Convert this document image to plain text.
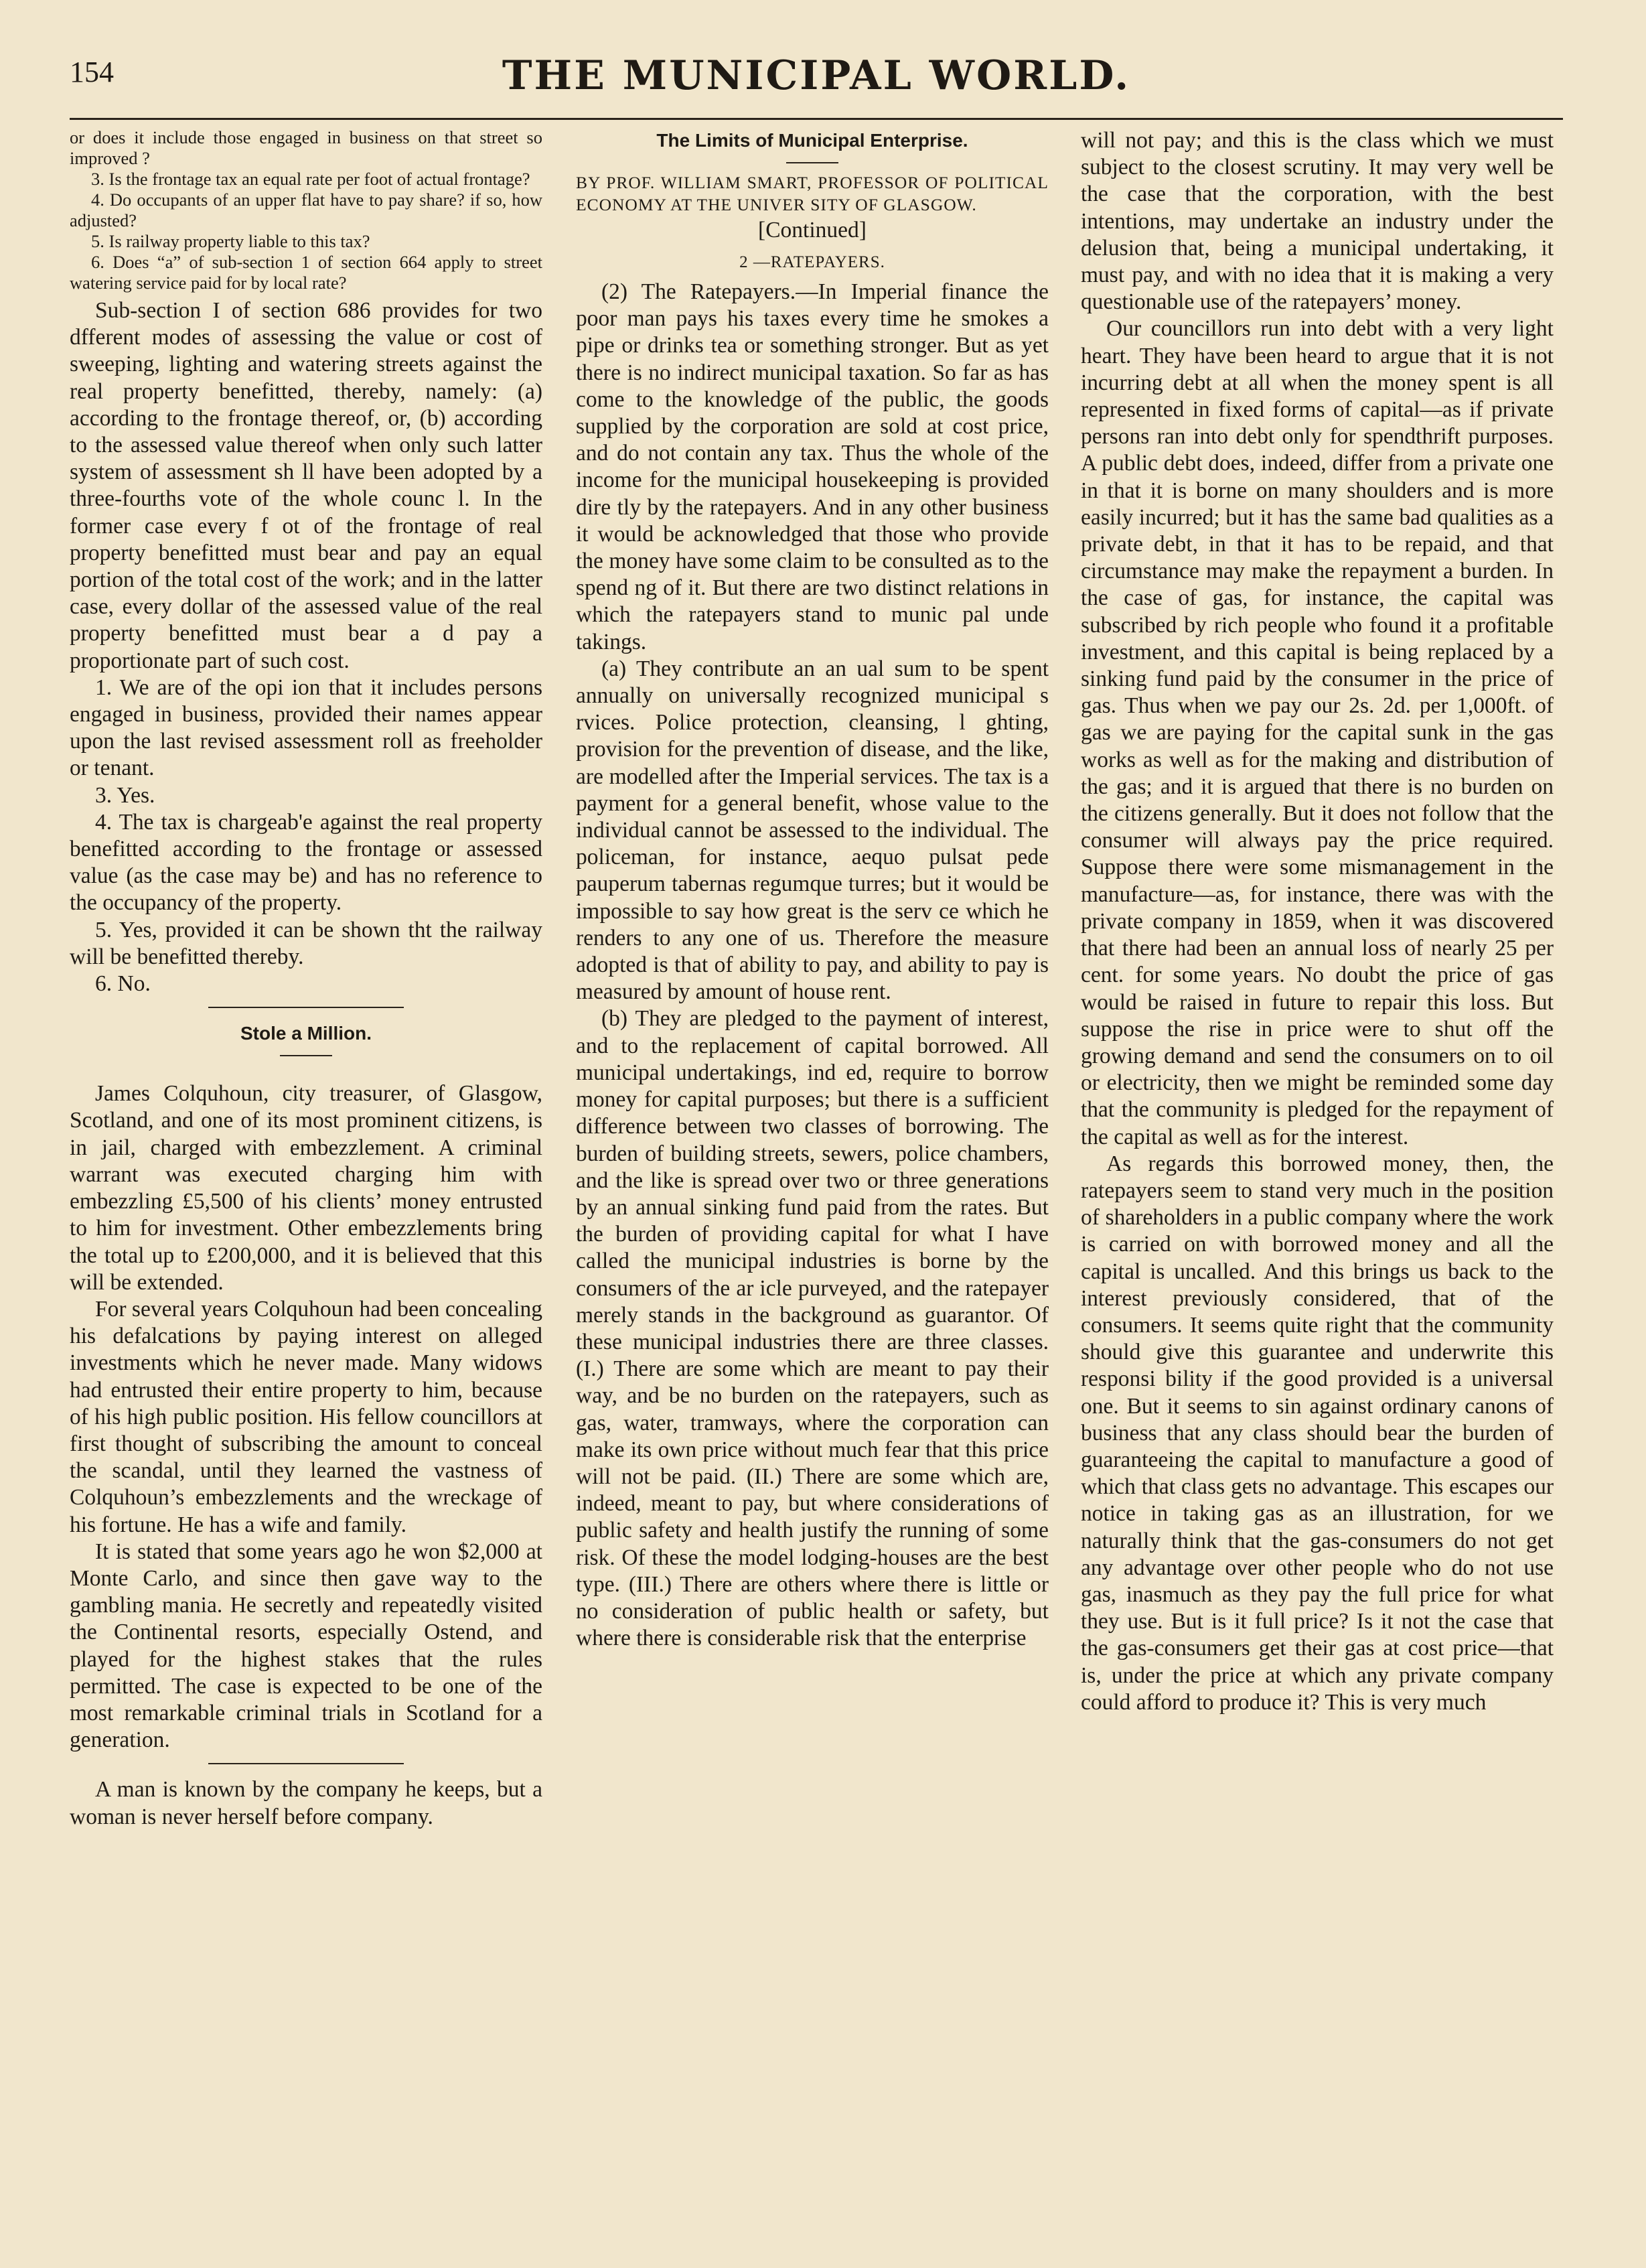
154	THE MUNICIPAL WORLD.

or does it include those engaged in business on that street so improved ?

3. Is the frontage tax an equal rate per foot of actual frontage?

4. Do occupants of an upper flat have to pay share? if so, how adjusted?

5. Is railway property liable to this tax?

6. Does “a” of sub-section 1 of section 664 apply to street watering service paid for by local rate?

Sub-section I of section 686 provides for two dfferent modes of assessing the value or cost of sweeping, lighting and watering streets against the real property benefitted, thereby, namely: (a) according to the frontage thereof, or, (b) according to the assessed value thereof when only such latter system of assessment sh ll have been adopted by a three-fourths vote of the whole counc l. In the former case every f ot of the frontage of real property benefitted must bear and pay an equal portion of the total cost of the work; and in the latter case, every dollar of the assessed value of the real property benefitted must bear a d pay a proportionate part of such cost.

1. We are of the opi ion that it includes persons engaged in business, provided their names appear upon the last revised assessment roll as freeholder or tenant.

3. Yes.

4. The tax is chargeab'e against the real property benefitted according to the frontage or assessed value (as the case may be) and has no reference to the occupancy of the property.

5. Yes, provided it can be shown tht the railway will be benefitted thereby.

6. No.

Stole a Million.

James Colquhoun, city treasurer, of Glasgow, Scotland, and one of its most prominent citizens, is in jail, charged with embezzlement. A criminal warrant was executed charging him with embezzling £5,500 of his clients’ money entrusted to him for investment. Other embezzlements bring the total up to £200,000, and it is believed that this will be extended.

For several years Colquhoun had been concealing his defalcations by paying interest on alleged investments which he never made. Many widows had entrusted their entire property to him, because of his high public position. His fellow councillors at first thought of subscribing the amount to conceal the scandal, until they learned the vastness of Colquhoun’s embezzlements and the wreckage of his fortune. He has a wife and family.

It is stated that some years ago he won $2,000 at Monte Carlo, and since then gave way to the gambling mania. He secretly and repeatedly visited the Continental resorts, especially Ostend, and played for the highest stakes that the rules permitted. The case is expected to be one of the most remarkable criminal trials in Scotland for a generation.

A man is known by the company he keeps, but a woman is never herself before company.

The Limits of Municipal Enterprise.

BY PROF. WILLIAM SMART, PROFESSOR OF POLITICAL ECONOMY AT THE UNIVER SITY OF GLASGOW.

[Continued]
2 —RATEPAYERS.

(2) The Ratepayers.—In Imperial finance the poor man pays his taxes every time he smokes a pipe or drinks tea or something stronger. But as yet there is no indirect municipal taxation. So far as has come to the knowledge of the public, the goods supplied by the corporation are sold at cost price, and do not contain any tax. Thus the whole of the income for the municipal housekeeping is provided dire tly by the ratepayers. And in any other business it would be acknowledged that those who provide the money have some claim to be consulted as to the spend ng of it. But there are two distinct relations in which the ratepayers stand to munic pal unde takings.

(a) They contribute an an ual sum to be spent annually on universally recognized municipal s rvices. Police protection, cleansing, l ghting, provision for the prevention of disease, and the like, are modelled after the Imperial services. The tax is a payment for a general benefit, whose value to the individual cannot be assessed to the individual. The policeman, for instance, aequo pulsat pede pauperum tabernas regumque turres; but it would be impossible to say how great is the serv ce which he renders to any one of us. Therefore the measure adopted is that of ability to pay, and ability to pay is measured by amount of house rent.

(b) They are pledged to the payment of interest, and to the replacement of capital borrowed. All municipal undertakings, ind ed, require to borrow money for capital purposes; but there is a sufficient difference between two classes of borrowing. The burden of building streets, sewers, police chambers, and the like is spread over two or three generations by an annual sinking fund paid from the rates. But the burden of providing capital for what I have called the municipal industries is borne by the consumers of the ar icle purveyed, and the ratepayer merely stands in the background as guarantor. Of these municipal industries there are three classes. (I.) There are some which are meant to pay their way, and be no burden on the ratepayers, such as gas, water, tramways, where the corporation can make its own price without much fear that this price will not be paid. (II.) There are some which are, indeed, meant to pay, but where considerations of public safety and health justify the running of some risk. Of these the model lodging-houses are the best type. (III.) There are others where there is little or no consideration of public health or safety, but where there is considerable risk that the enterprise

will not pay; and this is the class which we must subject to the closest scrutiny. It may very well be the case that the corporation, with the best intentions, may undertake an industry under the delusion that, being a municipal undertaking, it must pay, and with no idea that it is making a very questionable use of the ratepayers’ money.

Our councillors run into debt with a very light heart. They have been heard to argue that it is not incurring debt at all when the money spent is all represented in fixed forms of capital—as if private persons ran into debt only for spendthrift purposes. A public debt does, indeed, differ from a private one in that it is borne on many shoulders and is more easily incurred; but it has the same bad qualities as a private debt, in that it has to be repaid, and that circumstance may make the repayment a burden. In the case of gas, for instance, the capital was subscribed by rich people who found it a profitable investment, and this capital is being replaced by a sinking fund paid by the consumer in the price of gas. Thus when we pay our 2s. 2d. per 1,000ft. of gas we are paying for the capital sunk in the gas works as well as for the making and distribution of the gas; and it is argued that there is no burden on the citizens generally. But it does not follow that the consumer will always pay the price required. Suppose there were some mismanagement in the manufacture—as, for instance, there was with the private company in 1859, when it was discovered that there had been an annual loss of nearly 25 per cent. for some years. No doubt the price of gas would be raised in future to repair this loss. But suppose the rise in price were to shut off the growing demand and send the consumers on to oil or electricity, then we might be reminded some day that the community is pledged for the repayment of the capital as well as for the interest.

As regards this borrowed money, then, the ratepayers seem to stand very much in the position of shareholders in a public company where the work is carried on with borrowed money and all the capital is uncalled. And this brings us back to the interest previously considered, that of the consumers. It seems quite right that the community should give this guarantee and underwrite this responsi bility if the good provided is a universal one. But it seems to sin against ordinary canons of business that any class should bear the burden of guaranteeing the capital to manufacture a good of which that class gets no advantage. This escapes our notice in taking gas as an illustration, for we naturally think that the gas-consumers do not get any advantage over other people who do not use gas, inasmuch as they pay the full price for what they use. But is it full price? Is it not the case that the gas-consumers get their gas at cost price—that is, under the price at which any private company could afford to produce it? This is very much
